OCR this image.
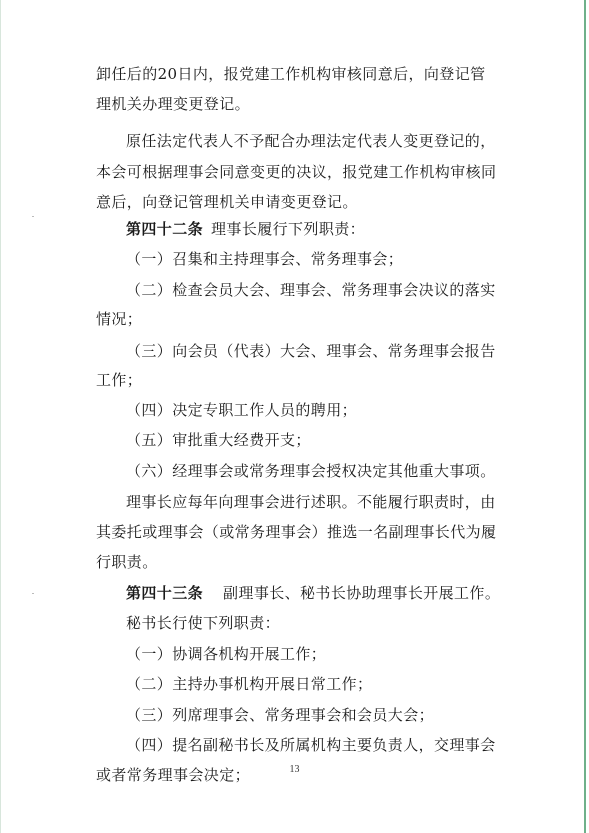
卸任后的20日内，报党建工作机构审核同意后，向登记管
理机关办理变更登记。
原任法定代表人不予配合办理法定代表人变更登记的，
本会可根据理事会同意变更的决议，报党建工作机构审核同
意后，向登记管理机关申请变更登记。
第四十二条 理事长履行下列职责：
（一）召集和主持理事会、常务理事会；
（二）检查会员大会、理事会、常务理事会决议的落实
情况；
（三）向会员（代表）大会、理事会、常务理事会报告
工作；
（四）决定专职工作人员的聘用；
（五）审批重大经费开支；
（六）经理事会或常务理事会授权决定其他重大事项。
理事长应每年向理事会进行述职。不能履行职责时，由
其委托或理事会（或常务理事会）推选一名副理事长代为履
行职责。
第四十三条 副理事长、秘书长协助理事长开展工作。
秘书长行使下列职责：
（一）协调各机构开展工作；
（二）主持办事机构开展日常工作；
（三）列席理事会、常务理事会和会员大会；
（四）提名副秘书长及所属机构主要负责人，交理事会
或者常务理事会决定；	13
